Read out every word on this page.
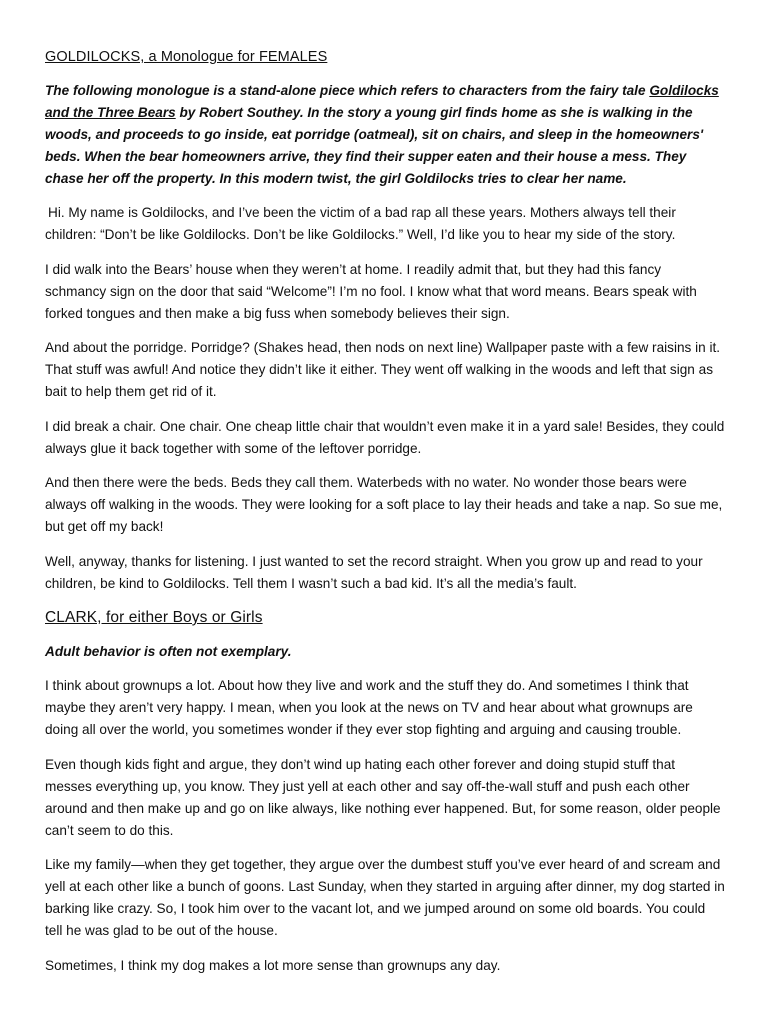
GOLDILOCKS, a Monologue for FEMALES
The following monologue is a stand-alone piece which refers to characters from the fairy tale Goldilocks and the Three Bears by Robert Southey. In the story a young girl finds home as she is walking in the woods, and proceeds to go inside, eat porridge (oatmeal), sit on chairs, and sleep in the homeowners' beds. When the bear homeowners arrive, they find their supper eaten and their house a mess. They chase her off the property. In this modern twist, the girl Goldilocks tries to clear her name.
Hi. My name is Goldilocks, and I’ve been the victim of a bad rap all these years. Mothers always tell their children: “Don’t be like Goldilocks. Don’t be like Goldilocks.” Well, I’d like you to hear my side of the story.
I did walk into the Bears’ house when they weren’t at home. I readily admit that, but they had this fancy schmancy sign on the door that said “Welcome”! I’m no fool. I know what that word means. Bears speak with forked tongues and then make a big fuss when somebody believes their sign.
And about the porridge. Porridge? (Shakes head, then nods on next line) Wallpaper paste with a few raisins in it. That stuff was awful! And notice they didn’t like it either. They went off walking in the woods and left that sign as bait to help them get rid of it.
I did break a chair. One chair. One cheap little chair that wouldn’t even make it in a yard sale! Besides, they could always glue it back together with some of the leftover porridge.
And then there were the beds. Beds they call them. Waterbeds with no water. No wonder those bears were always off walking in the woods. They were looking for a soft place to lay their heads and take a nap. So sue me, but get off my back!
Well, anyway, thanks for listening. I just wanted to set the record straight. When you grow up and read to your children, be kind to Goldilocks. Tell them I wasn’t such a bad kid. It’s all the media’s fault.
CLARK, for either Boys or Girls
Adult behavior is often not exemplary.
I think about grownups a lot. About how they live and work and the stuff they do. And sometimes I think that maybe they aren’t very happy. I mean, when you look at the news on TV and hear about what grownups are doing all over the world, you sometimes wonder if they ever stop fighting and arguing and causing trouble.
Even though kids fight and argue, they don’t wind up hating each other forever and doing stupid stuff that messes everything up, you know. They just yell at each other and say off-the-wall stuff and push each other around and then make up and go on like always, like nothing ever happened. But, for some reason, older people can’t seem to do this.
Like my family—when they get together, they argue over the dumbest stuff you’ve ever heard of and scream and yell at each other like a bunch of goons. Last Sunday, when they started in arguing after dinner, my dog started in barking like crazy. So, I took him over to the vacant lot, and we jumped around on some old boards. You could tell he was glad to be out of the house.
Sometimes, I think my dog makes a lot more sense than grownups any day.
